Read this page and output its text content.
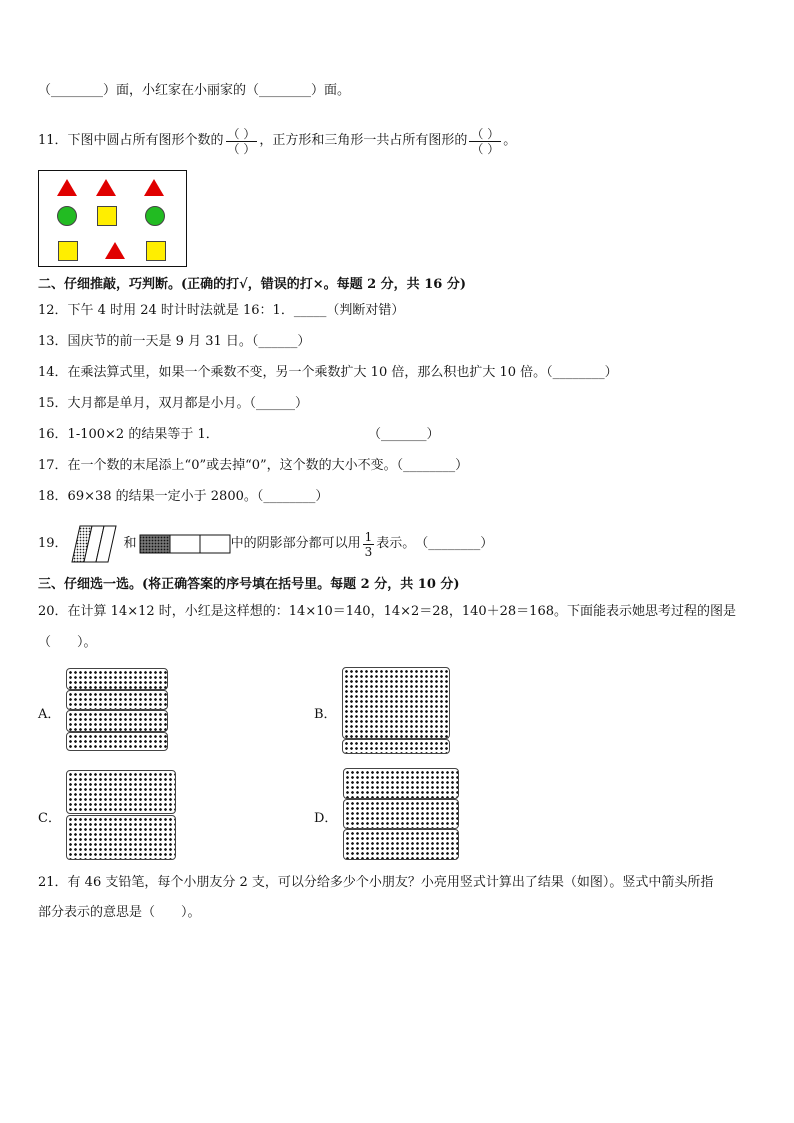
（________）面，小红家在小丽家的（________）面。
11．下图中圆占所有图形个数的 $\frac{( )}{( )}$ ，正方形和三角形一共占所有图形的 $\frac{( )}{( )}$ 。
二、仔细推敲，巧判断。(正确的打√，错误的打×。每题 2 分，共 16 分)
12．下午 4 时用 24 时计时法就是 16：1．_____（判断对错）
13．国庆节的前一天是 9 月 31 日。（______）
14．在乘法算式里，如果一个乘数不变，另一个乘数扩大 10 倍，那么积也扩大 10 倍。（________）
15．大月都是单月，双月都是小月。（______）
16．1-100×2 的结果等于 1．	（_______）
17．在一个数的末尾添上“0”或去掉“0”，这个数的大小不变。（________）
18．69×38 的结果一定小于 2800。（________）
19．	和	中的阴影部分都可以用 $\frac{1}{3}$ 表示。 （________）
三、仔细选一选。(将正确答案的序号填在括号里。每题 2 分，共 10 分)
20．在计算 14×12 时，小红是这样想的：14×10＝140，14×2＝28，140＋28＝168。下面能表示她思考过程的图是
（　　）。
A．	B．
C．	D．
21．有 46 支铅笔，每个小朋友分 2 支，可以分给多少个小朋友？小亮用竖式计算出了结果（如图）。竖式中箭头所指
部分表示的意思是（　　）。
